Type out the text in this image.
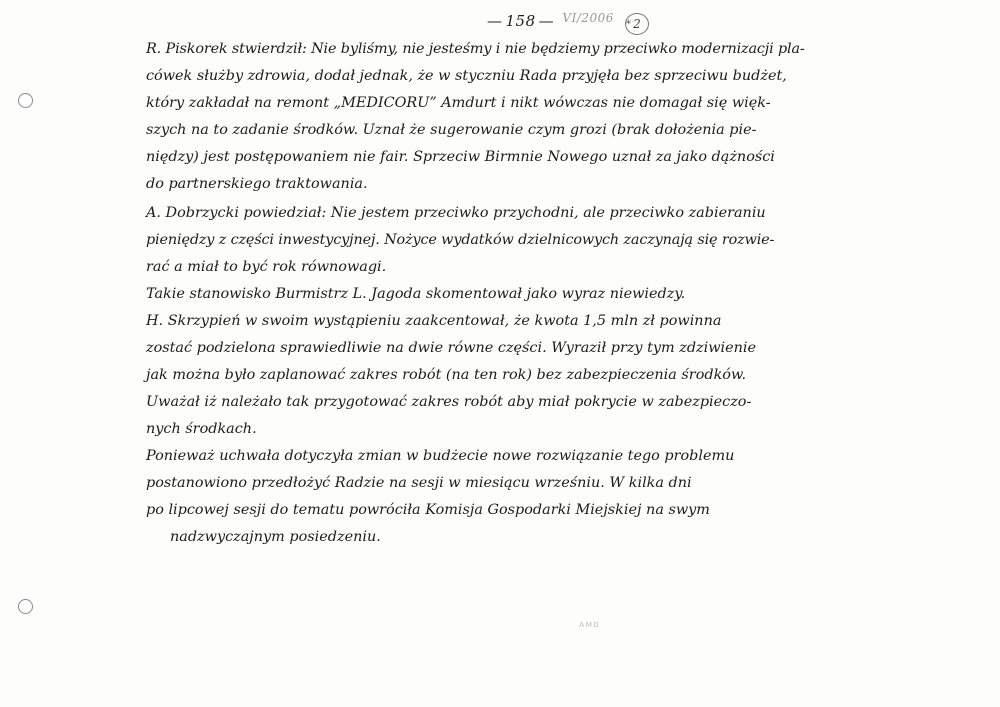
— 158 — $^{VI/2006}$ 2
*
R. Piskorek stwierdził: Nie byliśmy, nie jesteśmy i nie będziemy przeciwko modernizacji pla-
cówek służby zdrowia, dodał jednak, że w styczniu Rada przyjęła bez sprzeciwu budżet,
który zakładał na remont „MEDICORU” Amdurt i nikt wówczas nie domagał się więk-
szych na to zadanie środków. Uznał że sugerowanie czym grozi (brak dołożenia pie-
niędzy) jest postępowaniem nie fair. Sprzeciw Birmnie Nowego uznał za jako dążności
do partnerskiego traktowania.
A. Dobrzycki powiedział: Nie jestem przeciwko przychodni, ale przeciwko zabieraniu
pieniędzy z części inwestycyjnej. Nożyce wydatków dzielnicowych zaczynają się rozwie-
rać a miał to być rok równowagi.
Takie stanowisko Burmistrz L. Jagoda skomentował jako wyraz niewiedzy.
H. Skrzypień w swoim wystąpieniu zaakcentował, że kwota 1,5 mln zł powinna
zostać podzielona sprawiedliwie na dwie równe części. Wyraził przy tym zdziwienie
jak można było zaplanować zakres robót (na ten rok) bez zabezpieczenia środków.
Uważał iż należało tak przygotować zakres robót aby miał pokrycie w zabezpieczo-
nych środkach.
Ponieważ uchwała dotyczyła zmian w budżecie nowe rozwiązanie tego problemu
postanowiono przedłożyć Radzie na sesji w miesiącu wrześniu. W kilka dni
po lipcowej sesji do tematu powróciła Komisja Gospodarki Miejskiej na swym
nadzwyczajnym posiedzeniu.
ᴀᴍᴅ
